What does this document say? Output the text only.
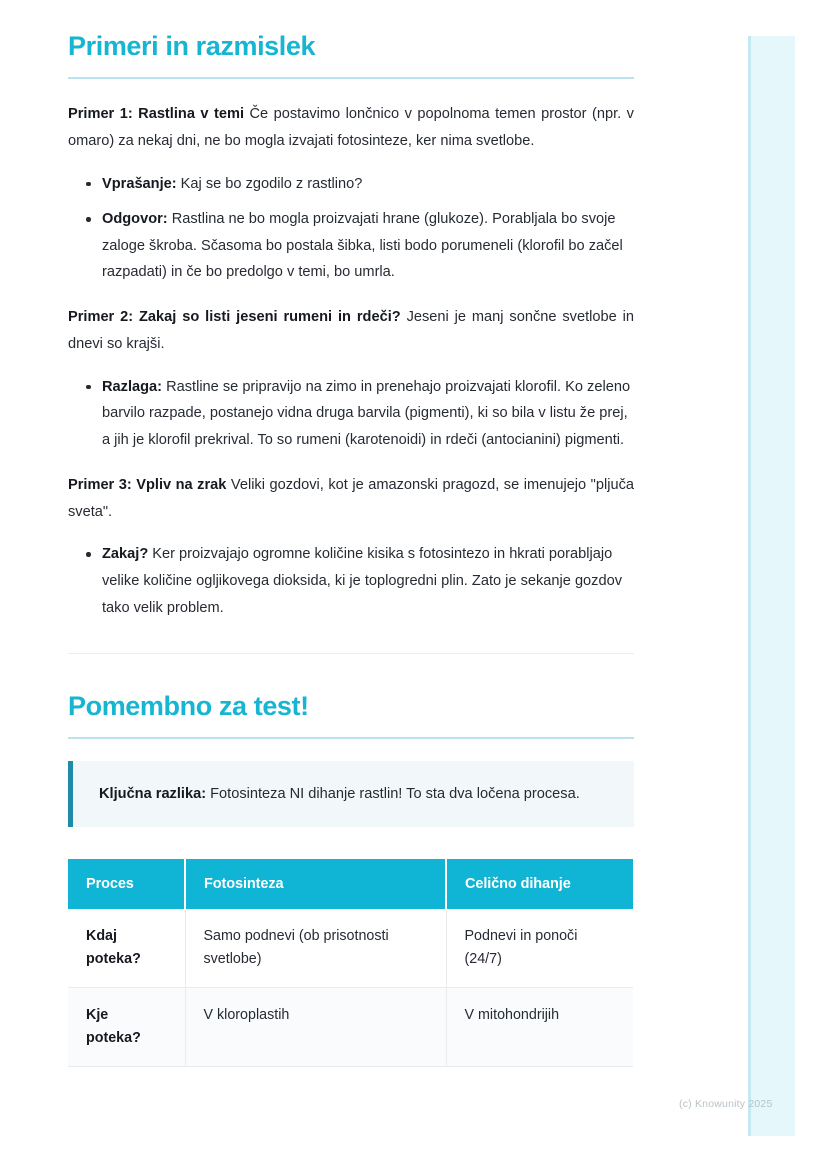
Primeri in razmislek

Primer 1: Rastlina v temi Če postavimo lončnico v popolnoma temen prostor (npr. v omaro) za nekaj dni, ne bo mogla izvajati fotosinteze, ker nima svetlobe.

Vprašanje: Kaj se bo zgodilo z rastlino?
Odgovor: Rastlina ne bo mogla proizvajati hrane (glukoze). Porabljala bo svoje zaloge škroba. Sčasoma bo postala šibka, listi bodo porumeneli (klorofil bo začel razpadati) in če bo predolgo v temi, bo umrla.

Primer 2: Zakaj so listi jeseni rumeni in rdeči? Jeseni je manj sončne svetlobe in dnevi so krajši.

Razlaga: Rastline se pripravijo na zimo in prenehajo proizvajati klorofil. Ko zeleno barvilo razpade, postanejo vidna druga barvila (pigmenti), ki so bila v listu že prej, a jih je klorofil prekrival. To so rumeni (karotenoidi) in rdeči (antocianini) pigmenti.

Primer 3: Vpliv na zrak Veliki gozdovi, kot je amazonski pragozd, se imenujejo "pljuča sveta".

Zakaj? Ker proizvajajo ogromne količine kisika s fotosintezo in hkrati porabljajo velike količine ogljikovega dioksida, ki je toplogredni plin. Zato je sekanje gozdov tako velik problem.
Pomembno za test!

Ključna razlika: Fotosinteza NI dihanje rastlin! To sta dva ločena procesa.

Proces	Fotosinteza	Celično dihanje
Kdaj poteka?	Samo podnevi (ob prisotnosti svetlobe)	Podnevi in ponoči (24/7)
Kje poteka?	V kloroplastih	V mitohondrijih
(c) Knowunity 2025
